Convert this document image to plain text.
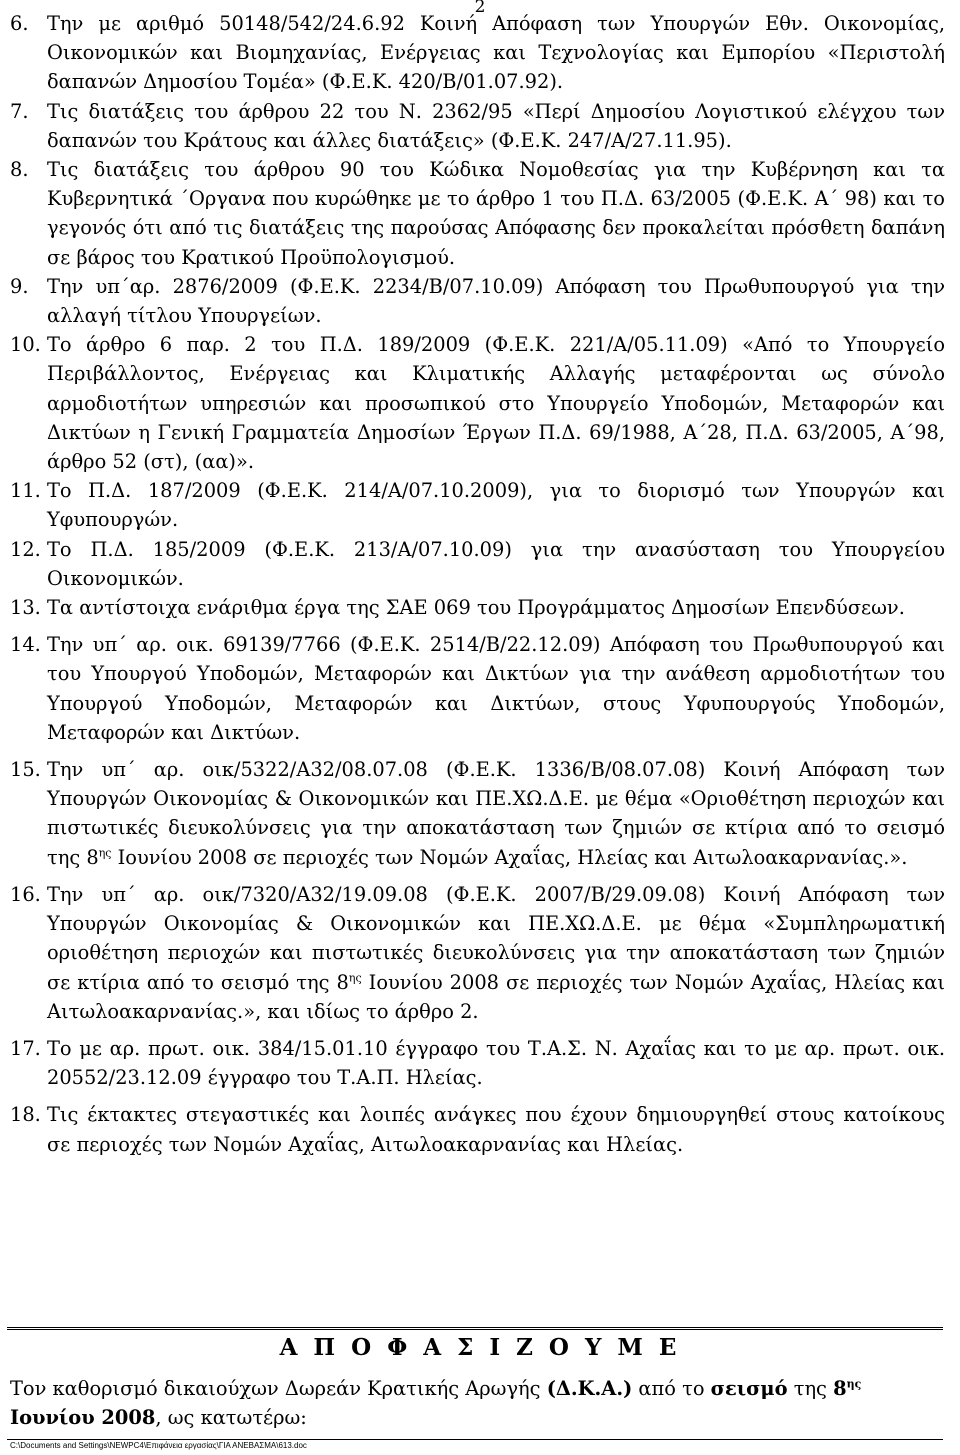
2
6. Την με αριθμό 50148/542/24.6.92 Κοινή Απόφαση των Υπουργών Εθν. Οικονομίας, Οικονομικών και Βιομηχανίας, Ενέργειας και Τεχνολογίας και Εμπορίου «Περιστολή δαπανών Δημοσίου Τομέα» (Φ.Ε.Κ. 420/Β/01.07.92).
7. Τις διατάξεις του άρθρου 22 του Ν. 2362/95 «Περί Δημοσίου Λογιστικού ελέγχου των δαπανών του Κράτους και άλλες διατάξεις» (Φ.Ε.Κ. 247/Α/27.11.95).
8. Τις διατάξεις του άρθρου 90 του Κώδικα Νομοθεσίας για την Κυβέρνηση και τα Κυβερνητικά ΄Οργανα που κυρώθηκε με το άρθρο 1 του Π.Δ. 63/2005 (Φ.Ε.Κ. Α΄ 98) και το γεγονός ότι από τις διατάξεις της παρούσας Απόφασης δεν προκαλείται πρόσθετη δαπάνη σε βάρος του Κρατικού Προϋπολογισμού.
9. Την υπ΄αρ. 2876/2009 (Φ.Ε.Κ. 2234/Β/07.10.09) Απόφαση του Πρωθυπουργού για την αλλαγή τίτλου Υπουργείων.
10. Το άρθρο 6 παρ. 2 του Π.Δ. 189/2009 (Φ.Ε.Κ. 221/Α/05.11.09) «Από το Υπουργείο Περιβάλλοντος, Ενέργειας και Κλιματικής Αλλαγής μεταφέρονται ως σύνολο αρμοδιοτήτων υπηρεσιών και προσωπικού στο Υπουργείο Υποδομών, Μεταφορών και Δικτύων η Γενική Γραμματεία Δημοσίων Έργων Π.Δ. 69/1988, Α΄28, Π.Δ. 63/2005, Α΄98, άρθρο 52 (στ), (αα)».
11. Το Π.Δ. 187/2009 (Φ.Ε.Κ. 214/Α/07.10.2009), για το διορισμό των Υπουργών και Υφυπουργών.
12. Το Π.Δ. 185/2009 (Φ.Ε.Κ. 213/Α/07.10.09) για την ανασύσταση του Υπουργείου Οικονομικών.
13. Τα αντίστοιχα ενάριθμα έργα της ΣΑΕ 069 του Προγράμματος Δημοσίων Επενδύσεων.
14. Την υπ΄ αρ. οικ. 69139/7766 (Φ.Ε.Κ. 2514/Β/22.12.09) Απόφαση του Πρωθυπουργού και του Υπουργού Υποδομών, Μεταφορών και Δικτύων για την ανάθεση αρμοδιοτήτων του Υπουργού Υποδομών, Μεταφορών και Δικτύων, στους Υφυπουργούς Υποδομών, Μεταφορών και Δικτύων.
15. Την υπ΄ αρ. οικ/5322/Α32/08.07.08 (Φ.Ε.Κ. 1336/Β/08.07.08) Κοινή Απόφαση των Υπουργών Οικονομίας & Οικονομικών και ΠΕ.ΧΩ.Δ.Ε. με θέμα «Οριοθέτηση περιοχών και πιστωτικές διευκολύνσεις για την αποκατάσταση των ζημιών σε κτίρια από το σεισμό της $8^{\eta\varsigma}$ Ιουνίου 2008 σε περιοχές των Νομών Αχαΐας, Ηλείας και Αιτωλοακαρνανίας.».
16. Την υπ΄ αρ. οικ/7320/Α32/19.09.08 (Φ.Ε.Κ. 2007/Β/29.09.08) Κοινή Απόφαση των Υπουργών Οικονομίας & Οικονομικών και ΠΕ.ΧΩ.Δ.Ε. με θέμα «Συμπληρωματική οριοθέτηση περιοχών και πιστωτικές διευκολύνσεις για την αποκατάσταση των ζημιών σε κτίρια από το σεισμό της $8^{\eta\varsigma}$ Ιουνίου 2008 σε περιοχές των Νομών Αχαΐας, Ηλείας και Αιτωλοακαρνανίας.», και ιδίως το άρθρο 2.
17. Το με αρ. πρωτ. οικ. 384/15.01.10 έγγραφο του Τ.Α.Σ. Ν. Αχαΐας και το με αρ. πρωτ. οικ. 20552/23.12.09 έγγραφο του Τ.Α.Π. Ηλείας.
18. Τις έκτακτες στεγαστικές και λοιπές ανάγκες που έχουν δημιουργηθεί στους κατοίκους σε περιοχές των Νομών Αχαΐας, Αιτωλοακαρνανίας και Ηλείας.
Α Π Ο Φ Α Σ Ι Ζ Ο Υ Μ Ε
Τον καθορισμό δικαιούχων Δωρεάν Κρατικής Αρωγής (Δ.Κ.Α.) από το σεισμό της $8^{\eta\varsigma}$
Ιουνίου 2008, ως κατωτέρω:
C:\Documents and Settings\NEWPC4\Επιφάνεια εργασίας\ΓΙΑ ΑΝΕΒΑΣΜΑ\613.doc
